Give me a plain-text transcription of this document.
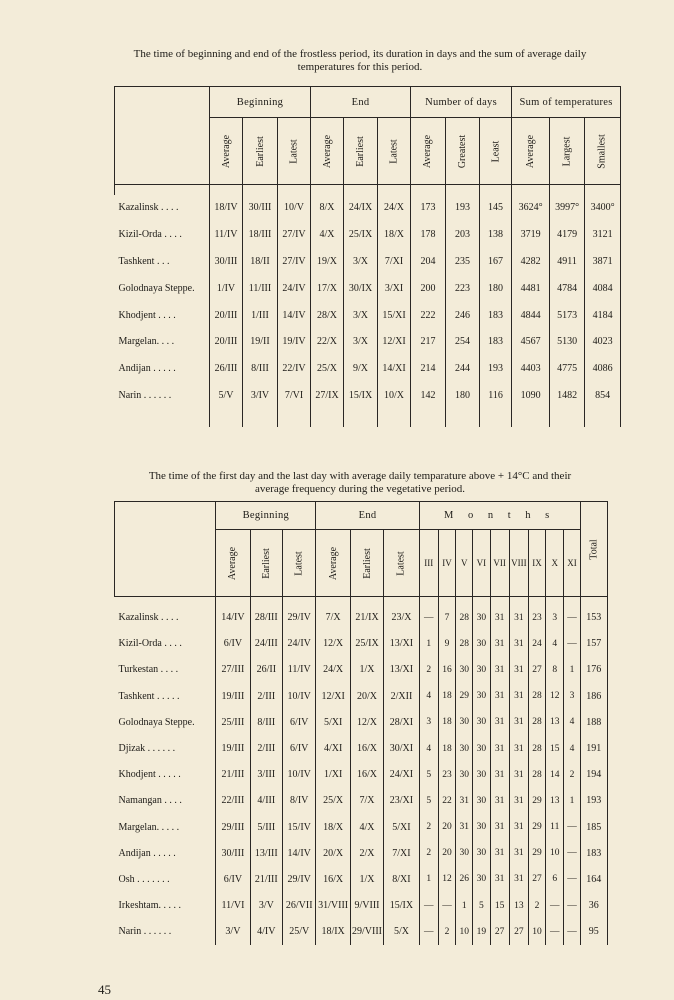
The time of beginning and end of the frostless period, its duration in days and the sum of average daily
temperatures for this period.
	Beginning			End			Number of days			Sum of temperatures		
	Average	Earliest	Latest	Average	Earliest	Latest	Average	Greatest	Least	Average	Largest	Smallest

Kazalinsk . . . .	18/IV	30/III	10/V	8/X	24/IX	24/X	173	193	145	3624°	3997°	3400°
Kizil-Orda . . . .	11/IV	18/III	27/IV	4/X	25/IX	18/X	178	203	138	3719	4179	3121
Tashkent . . .	30/III	18/II	27/IV	19/X	3/X	7/XI	204	235	167	4282	4911	3871
Golodnaya Steppe.	1/IV	11/III	24/IV	17/X	30/IX	3/XI	200	223	180	4481	4784	4084
Khodjent . . . .	20/III	1/III	14/IV	28/X	3/X	15/XI	222	246	183	4844	5173	4184
Margelan. . . .	20/III	19/II	19/IV	22/X	3/X	12/XI	217	254	183	4567	5130	4023
Andijan . . . . .	26/III	8/III	22/IV	25/X	9/X	14/XI	214	244	193	4403	4775	4086
Narin . . . . . .	5/V	3/IV	7/VI	27/IX	15/IX	10/X	142	180	116	1090	1482	854

The time of the first day and the last day with average daily temparature above + 14°C and their
average frequency during the vegetative period.
	Beginning			End			M o n t h s									Total
	Average	Earliest	Latest	Average	Earliest	Latest	III	IV	V	VI	VII	VIII	IX	X	XI	

Kazalinsk . . . .	14/IV	28/III	29/IV	7/X	21/IX	23/X	—	7	28	30	31	31	23	3	—	153
Kizil-Orda . . . .	6/IV	24/III	24/IV	12/X	25/IX	13/XI	1	9	28	30	31	31	24	4	—	157
Turkestan . . . .	27/III	26/II	11/IV	24/X	1/X	13/XI	2	16	30	30	31	31	27	8	1	176
Tashkent . . . . .	19/III	2/III	10/IV	12/XI	20/X	2/XII	4	18	29	30	31	31	28	12	3	186
Golodnaya Steppe.	25/III	8/III	6/IV	5/XI	12/X	28/XI	3	18	30	30	31	31	28	13	4	188
Djizak . . . . . .	19/III	2/III	6/IV	4/XI	16/X	30/XI	4	18	30	30	31	31	28	15	4	191
Khodjent . . . . .	21/III	3/III	10/IV	1/XI	16/X	24/XI	5	23	30	30	31	31	28	14	2	194
Namangan . . . .	22/III	4/III	8/IV	25/X	7/X	23/XI	5	22	31	30	31	31	29	13	1	193
Margelan. . . . .	29/III	5/III	15/IV	18/X	4/X	5/XI	2	20	31	30	31	31	29	11	—	185
Andijan . . . . .	30/III	13/III	14/IV	20/X	2/X	7/XI	2	20	30	30	31	31	29	10	—	183
Osh . . . . . . .	6/IV	21/III	29/IV	16/X	1/X	8/XI	1	12	26	30	31	31	27	6	—	164
Irkeshtam. . . . .	11/VI	3/V	26/VII	31/VIII	9/VIII	15/IX	—	—	1	5	15	13	2	—	—	36
Narin . . . . . .	3/V	4/IV	25/V	18/IX	29/VIII	5/X	—	2	10	19	27	27	10	—	—	95
45
